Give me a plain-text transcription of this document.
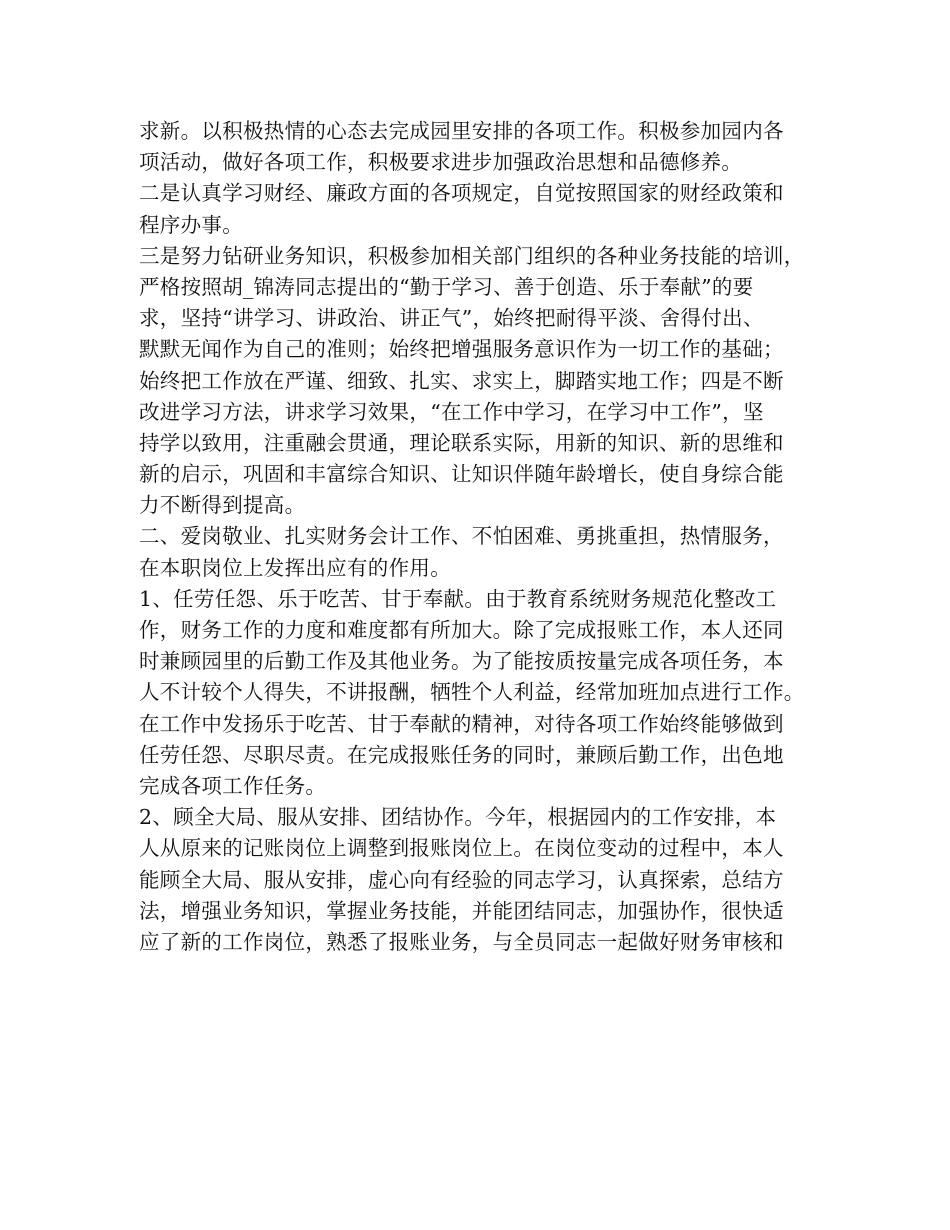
求新。以积极热情的心态去完成园里安排的各项工作。积极参加园内各
项活动，做好各项工作，积极要求进步加强政治思想和品德修养。
二是认真学习财经、廉政方面的各项规定，自觉按照国家的财经政策和
程序办事。
三是努力钻研业务知识，积极参加相关部门组织的各种业务技能的培训，
严格按照胡_锦涛同志提出的“勤于学习、善于创造、乐于奉献”的要
求，坚持“讲学习、讲政治、讲正气”，始终把耐得平淡、舍得付出、
默默无闻作为自己的准则；始终把增强服务意识作为一切工作的基础；
始终把工作放在严谨、细致、扎实、求实上，脚踏实地工作；四是不断
改进学习方法，讲求学习效果，“在工作中学习，在学习中工作”，坚
持学以致用，注重融会贯通，理论联系实际，用新的知识、新的思维和
新的启示，巩固和丰富综合知识、让知识伴随年龄增长，使自身综合能
力不断得到提高。
二、爱岗敬业、扎实财务会计工作、不怕困难、勇挑重担，热情服务，
在本职岗位上发挥出应有的作用。
1、任劳任怨、乐于吃苦、甘于奉献。由于教育系统财务规范化整改工
作，财务工作的力度和难度都有所加大。除了完成报账工作，本人还同
时兼顾园里的后勤工作及其他业务。为了能按质按量完成各项任务，本
人不计较个人得失，不讲报酬，牺牲个人利益，经常加班加点进行工作。
在工作中发扬乐于吃苦、甘于奉献的精神，对待各项工作始终能够做到
任劳任怨、尽职尽责。在完成报账任务的同时，兼顾后勤工作，出色地
完成各项工作任务。
2、顾全大局、服从安排、团结协作。今年，根据园内的工作安排，本
人从原来的记账岗位上调整到报账岗位上。在岗位变动的过程中，本人
能顾全大局、服从安排，虚心向有经验的同志学习，认真探索，总结方
法，增强业务知识，掌握业务技能，并能团结同志，加强协作，很快适
应了新的工作岗位，熟悉了报账业务，与全员同志一起做好财务审核和
